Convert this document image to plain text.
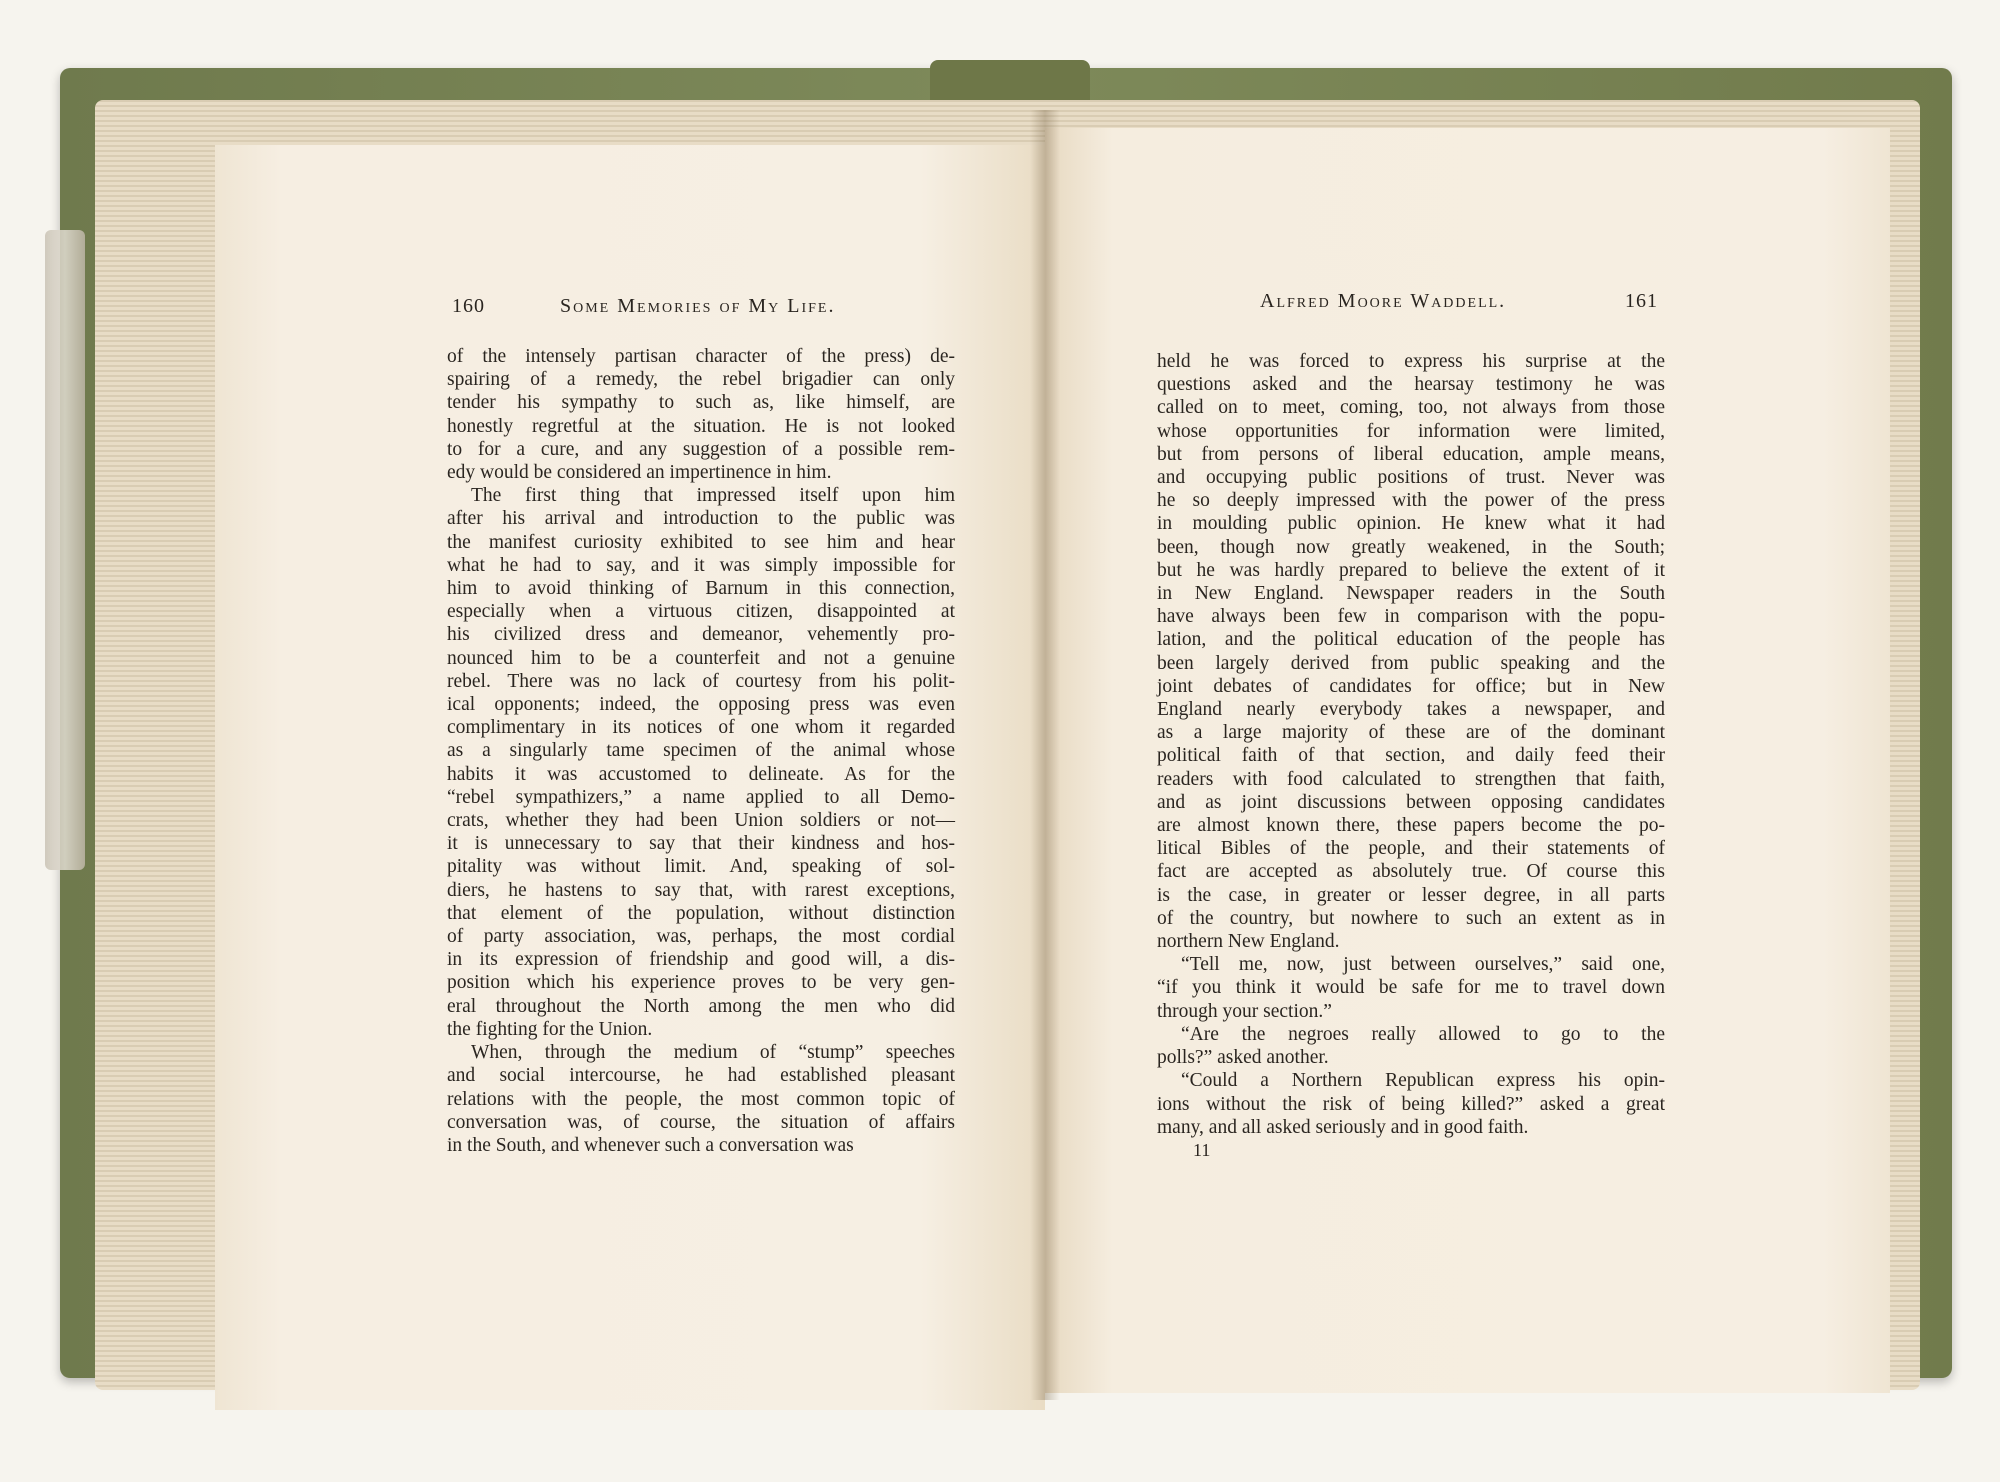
160	Some Memories of My Life.
of the intensely partisan character of the press) de-
spairing of a remedy, the rebel brigadier can only
tender his sympathy to such as, like himself, are
honestly regretful at the situation. He is not looked
to for a cure, and any suggestion of a possible rem-
edy would be considered an impertinence in him.
The first thing that impressed itself upon him
after his arrival and introduction to the public was
the manifest curiosity exhibited to see him and hear
what he had to say, and it was simply impossible for
him to avoid thinking of Barnum in this connection,
especially when a virtuous citizen, disappointed at
his civilized dress and demeanor, vehemently pro-
nounced him to be a counterfeit and not a genuine
rebel. There was no lack of courtesy from his polit-
ical opponents; indeed, the opposing press was even
complimentary in its notices of one whom it regarded
as a singularly tame specimen of the animal whose
habits it was accustomed to delineate. As for the
“rebel sympathizers,” a name applied to all Demo-
crats, whether they had been Union soldiers or not—
it is unnecessary to say that their kindness and hos-
pitality was without limit. And, speaking of sol-
diers, he hastens to say that, with rarest exceptions,
that element of the population, without distinction
of party association, was, perhaps, the most cordial
in its expression of friendship and good will, a dis-
position which his experience proves to be very gen-
eral throughout the North among the men who did
the fighting for the Union.
When, through the medium of “stump” speeches
and social intercourse, he had established pleasant
relations with the people, the most common topic of
conversation was, of course, the situation of affairs
in the South, and whenever such a conversation was
Alfred Moore Waddell.	161
held he was forced to express his surprise at the
questions asked and the hearsay testimony he was
called on to meet, coming, too, not always from those
whose opportunities for information were limited,
but from persons of liberal education, ample means,
and occupying public positions of trust. Never was
he so deeply impressed with the power of the press
in moulding public opinion. He knew what it had
been, though now greatly weakened, in the South;
but he was hardly prepared to believe the extent of it
in New England. Newspaper readers in the South
have always been few in comparison with the popu-
lation, and the political education of the people has
been largely derived from public speaking and the
joint debates of candidates for office; but in New
England nearly everybody takes a newspaper, and
as a large majority of these are of the dominant
political faith of that section, and daily feed their
readers with food calculated to strengthen that faith,
and as joint discussions between opposing candidates
are almost known there, these papers become the po-
litical Bibles of the people, and their statements of
fact are accepted as absolutely true. Of course this
is the case, in greater or lesser degree, in all parts
of the country, but nowhere to such an extent as in
northern New England.
“Tell me, now, just between ourselves,” said one,
“if you think it would be safe for me to travel down
through your section.”
“Are the negroes really allowed to go to the
polls?” asked another.
“Could a Northern Republican express his opin-
ions without the risk of being killed?” asked a great
many, and all asked seriously and in good faith.
11
